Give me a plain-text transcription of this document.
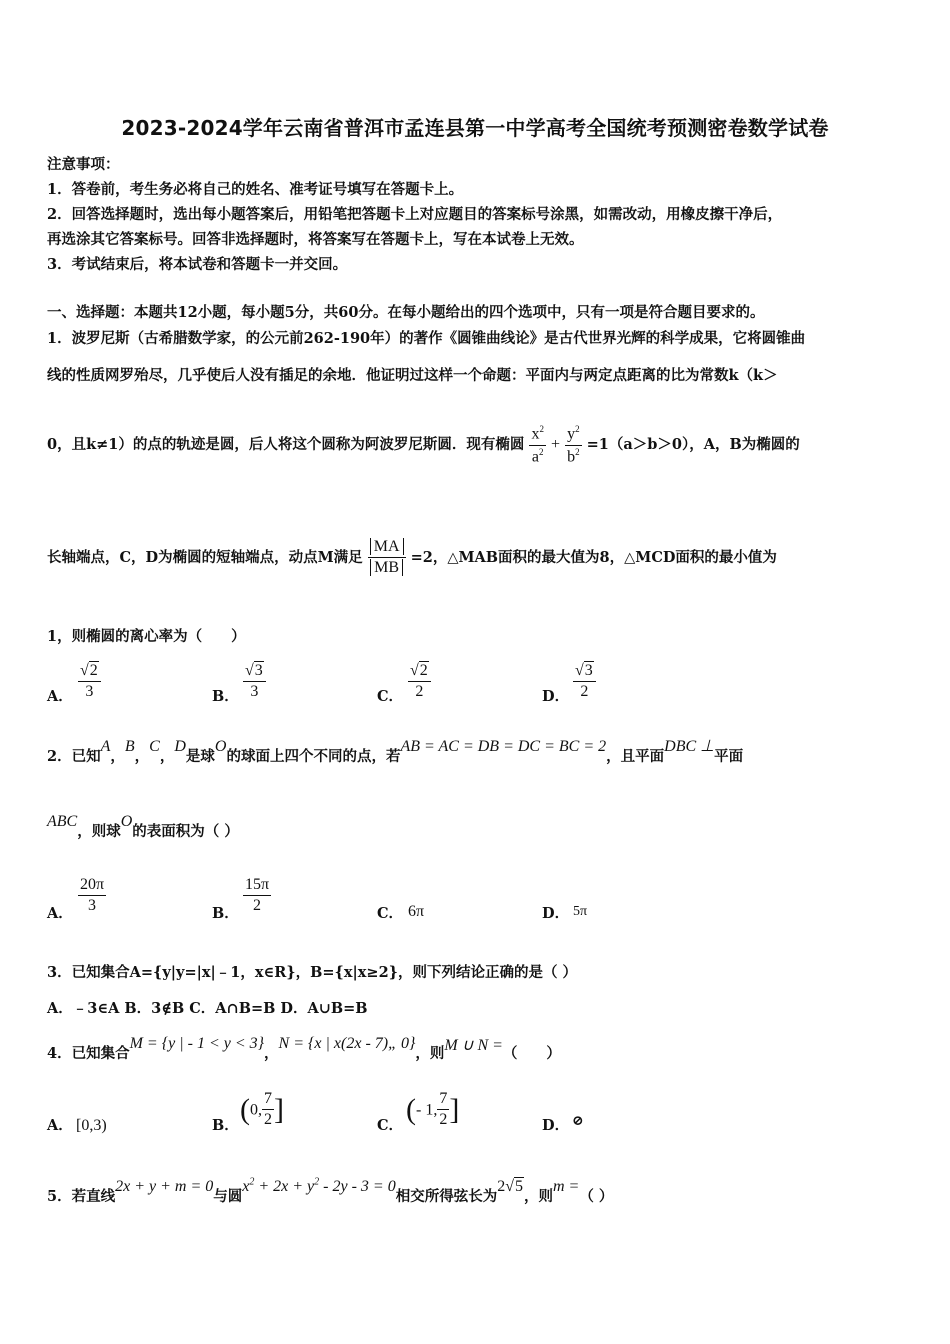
2023-2024学年云南省普洱市孟连县第一中学高考全国统考预测密卷数学试卷
注意事项：
1．答卷前，考生务必将自己的姓名、准考证号填写在答题卡上。
2．回答选择题时，选出每小题答案后，用铅笔把答题卡上对应题目的答案标号涂黑，如需改动，用橡皮擦干净后，
再选涂其它答案标号。回答非选择题时，将答案写在答题卡上，写在本试卷上无效。
3．考试结束后，将本试卷和答题卡一并交回。
一、选择题：本题共12小题，每小题5分，共60分。在每小题给出的四个选项中，只有一项是符合题目要求的。
1．波罗尼斯（古希腊数学家，的公元前262-190年）的著作《圆锥曲线论》是古代世界光辉的科学成果，它将圆锥曲
线的性质网罗殆尽，几乎使后人没有插足的余地．他证明过这样一个命题：平面内与两定点距离的比为常数k（k＞
0，且k≠1）的点的轨迹是圆，后人将这个圆称为阿波罗尼斯圆．现有椭圆 $\frac{x^2}{a^2} + \frac{y^2}{b^2} =1(a>b>0)$，A，B为椭圆的
长轴端点，C，D为椭圆的短轴端点，动点M满足 $\frac{MA}{MB} =2$，△MAB面积的最大值为8，△MCD面积的最小值为
1，则椭圆的离心率为（　　）
A． $\frac{√2}{3}$	B． $\frac{√3}{3}$	C． $\frac{√2}{2}$	D． $\frac{√3}{2}$
2．已知A，B，C，D是球O的球面上四个不同的点，若AB = AC = DB = DC = BC = 2，且平面DBC ⊥平面
ABC，则球O的表面积为（ ）
A． $\frac{20\pi}{3}$	B． $\frac{15\pi}{2}$	C． 6π	D． 5π
3．已知集合A={y|y=|x|﹣1，x∈R}，B={x|x≥2}，则下列结论正确的是（ ）
A．﹣3∈A B．3∉B C．A∩B=B D．A∪B=B
4．已知集合M = {y | - 1 < y < 3}，N = {x | x(2x - 7)„ 0}，则M ∪ N =（　　）
A． [0,3)	B． (0, $\frac{7}{2}$ ]	C． (- 1, $\frac{7}{2}$ ]	D． ⊘
5．若直线2x + y + m = 0与圆$x^2 + 2x + y^2 - 2y - 3 = 0$相交所得弦长为2√5，则m =（ ）
